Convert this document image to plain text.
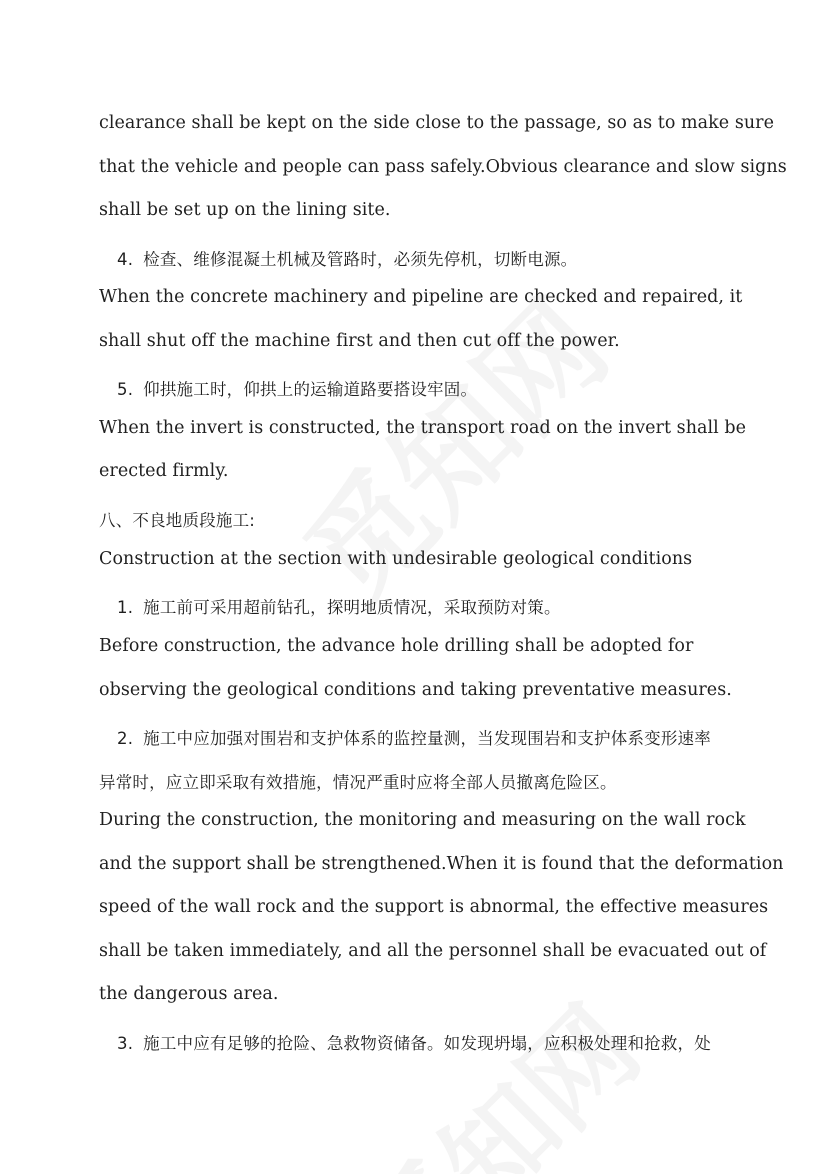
clearance shall be kept on the side close to the passage, so as to make sure
that the vehicle and people can pass safely.Obvious clearance and slow signs
shall be set up on the lining site.
4. 检查、维修混凝土机械及管路时，必须先停机，切断电源。
When the concrete machinery and pipeline are checked and repaired, it
shall shut off the machine first and then cut off the power.
5. 仰拱施工时，仰拱上的运输道路要搭设牢固。
When the invert is constructed, the transport road on the invert shall be
erected firmly.
八、不良地质段施工:
Construction at the section with undesirable geological conditions
1. 施工前可采用超前钻孔，探明地质情况，采取预防对策。
Before construction, the advance hole drilling shall be adopted for
observing the geological conditions and taking preventative measures.
2. 施工中应加强对围岩和支护体系的监控量测，当发现围岩和支护体系变形速率
异常时，应立即采取有效措施，情况严重时应将全部人员撤离危险区。
During the construction, the monitoring and measuring on the wall rock
and the support shall be strengthened.When it is found that the deformation
speed of the wall rock and the support is abnormal, the effective measures
shall be taken immediately, and all the personnel shall be evacuated out of
the dangerous area.
3. 施工中应有足够的抢险、急救物资储备。如发现坍塌，应积极处理和抢救，处
